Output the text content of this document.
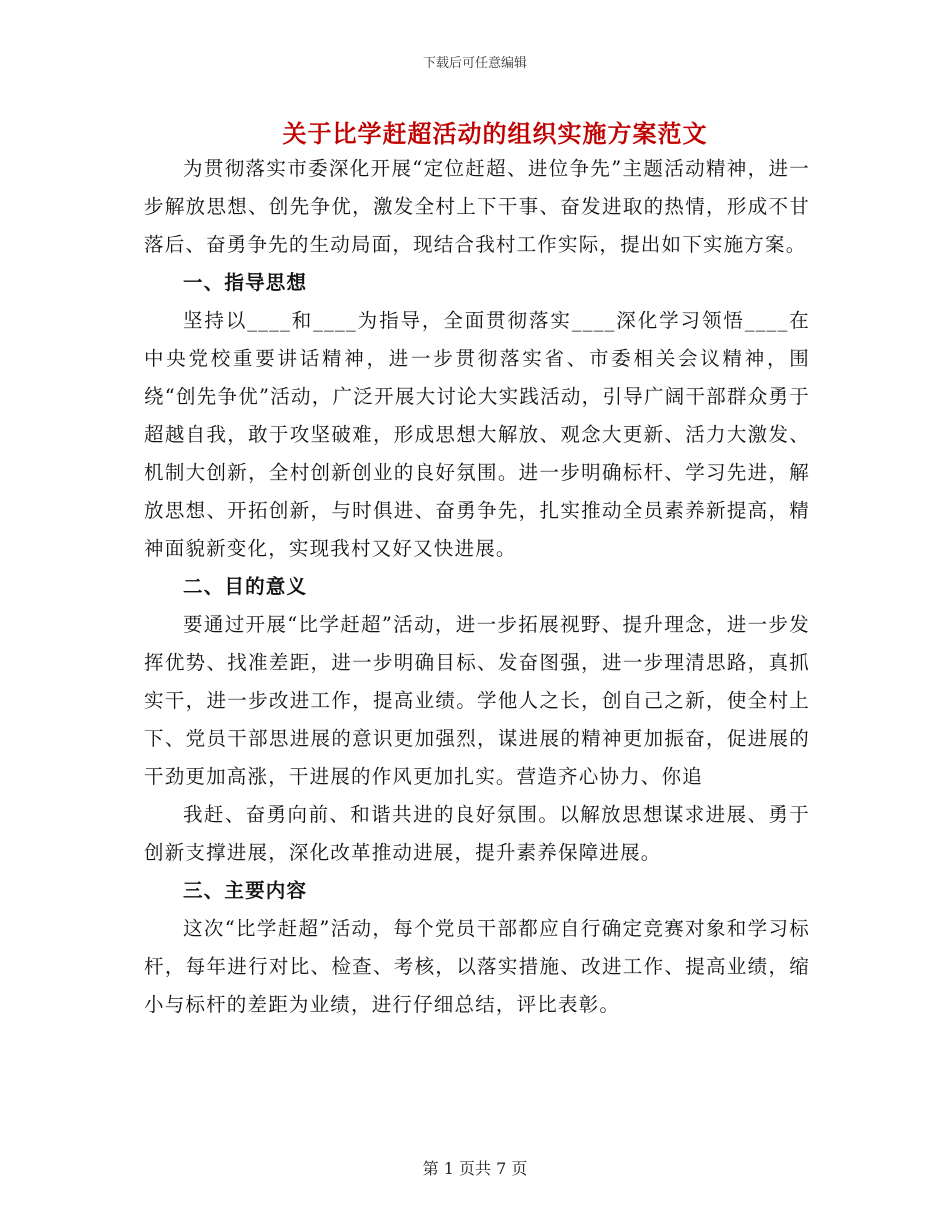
下载后可任意编辑
关于比学赶超活动的组织实施方案范文

为贯彻落实市委深化开展“定位赶超、进位争先”主题活动精神，进一步解放思想、创先争优，激发全村上下干事、奋发进取的热情，形成不甘落后、奋勇争先的生动局面，现结合我村工作实际，提出如下实施方案。

一、指导思想

坚持以____和____为指导，全面贯彻落实____深化学习领悟____在中央党校重要讲话精神，进一步贯彻落实省、市委相关会议精神，围绕“创先争优”活动，广泛开展大讨论大实践活动，引导广阔干部群众勇于超越自我，敢于攻坚破难，形成思想大解放、观念大更新、活力大激发、机制大创新，全村创新创业的良好氛围。进一步明确标杆、学习先进，解放思想、开拓创新，与时俱进、奋勇争先，扎实推动全员素养新提高，精神面貌新变化，实现我村又好又快进展。

二、目的意义

要通过开展“比学赶超”活动，进一步拓展视野、提升理念，进一步发挥优势、找准差距，进一步明确目标、发奋图强，进一步理清思路，真抓实干，进一步改进工作，提高业绩。学他人之长，创自己之新，使全村上下、党员干部思进展的意识更加强烈，谋进展的精神更加振奋，促进展的干劲更加高涨，干进展的作风更加扎实。营造齐心协力、你追

我赶、奋勇向前、和谐共进的良好氛围。以解放思想谋求进展、勇于创新支撑进展，深化改革推动进展，提升素养保障进展。

三、主要内容

这次“比学赶超”活动，每个党员干部都应自行确定竞赛对象和学习标杆，每年进行对比、检查、考核，以落实措施、改进工作、提高业绩，缩小与标杆的差距为业绩，进行仔细总结，评比表彰。

第 1 页共 7 页
